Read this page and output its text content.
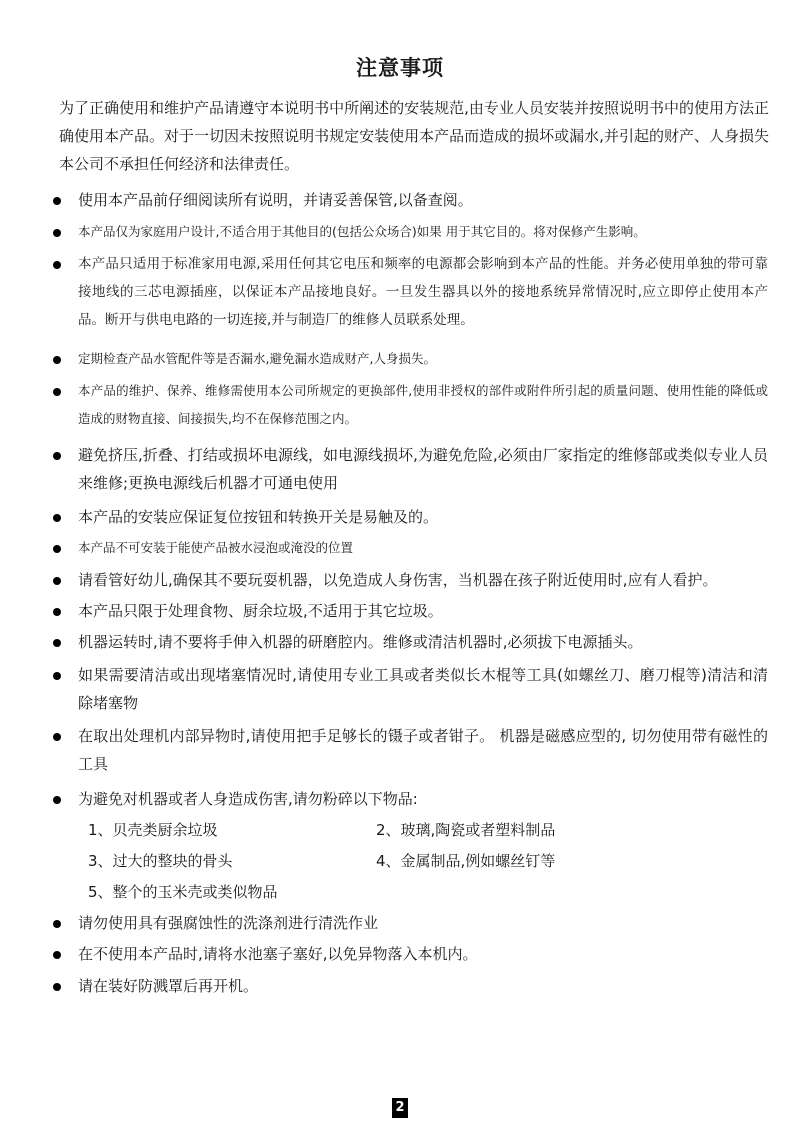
注意事项
为了正确使用和维护产品请遵守本说明书中所阐述的安装规范,由专业人员安装并按照说明书中的使用方法正确使用本产品。对于一切因未按照说明书规定安装使用本产品而造成的损坏或漏水,并引起的财产、人身损失本公司不承担任何经济和法律责任。
使用本产品前仔细阅读所有说明，并请妥善保管,以备查阅。
本产品仅为家庭用户设计,不适合用于其他目的(包括公众场合)如果 用于其它目的。将对保修产生影响。
本产品只适用于标准家用电源,采用任何其它电压和频率的电源都会影响到本产品的性能。并务必使用单独的带可靠接地线的三芯电源插座，以保证本产品接地良好。一旦发生器具以外的接地系统异常情况时,应立即停止使用本产品。断开与供电电路的一切连接,并与制造厂的维修人员联系处理。
定期检查产品水管配件等是否漏水,避免漏水造成财产,人身损失。
本产品的维护、保养、维修需使用本公司所规定的更换部件,使用非授权的部件或附件所引起的质量问题、使用性能的降低或造成的财物直接、间接损失,均不在保修范围之内。
避免挤压,折叠、打结或损坏电源线，如电源线损坏,为避免危险,必须由厂家指定的维修部或类似专业人员来维修;更换电源线后机器才可通电使用
本产品的安装应保证复位按钮和转换开关是易触及的。
本产品不可安装于能使产品被水浸泡或淹没的位置
请看管好幼儿,确保其不要玩耍机器，以免造成人身伤害，当机器在孩子附近使用时,应有人看护。
本产品只限于处理食物、厨余垃圾,不适用于其它垃圾。
机器运转时,请不要将手伸入机器的研磨腔内。维修或清洁机器时,必须拔下电源插头。
如果需要清洁或出现堵塞情况时,请使用专业工具或者类似长木棍等工具(如螺丝刀、磨刀棍等)清洁和清除堵塞物
在取出处理机内部异物时,请使用把手足够长的镊子或者钳子。 机器是磁感应型的, 切勿使用带有磁性的工具
为避免对机器或者人身造成伤害,请勿粉碎以下物品:
1、贝壳类厨余垃圾	2、玻璃,陶瓷或者塑料制品
3、过大的整块的骨头	4、金属制品,例如螺丝钉等
5、整个的玉米壳或类似物品
请勿使用具有强腐蚀性的洗涤剂进行清洗作业
在不使用本产品时,请将水池塞子塞好,以免异物落入本机内。
请在装好防溅罩后再开机。
2
